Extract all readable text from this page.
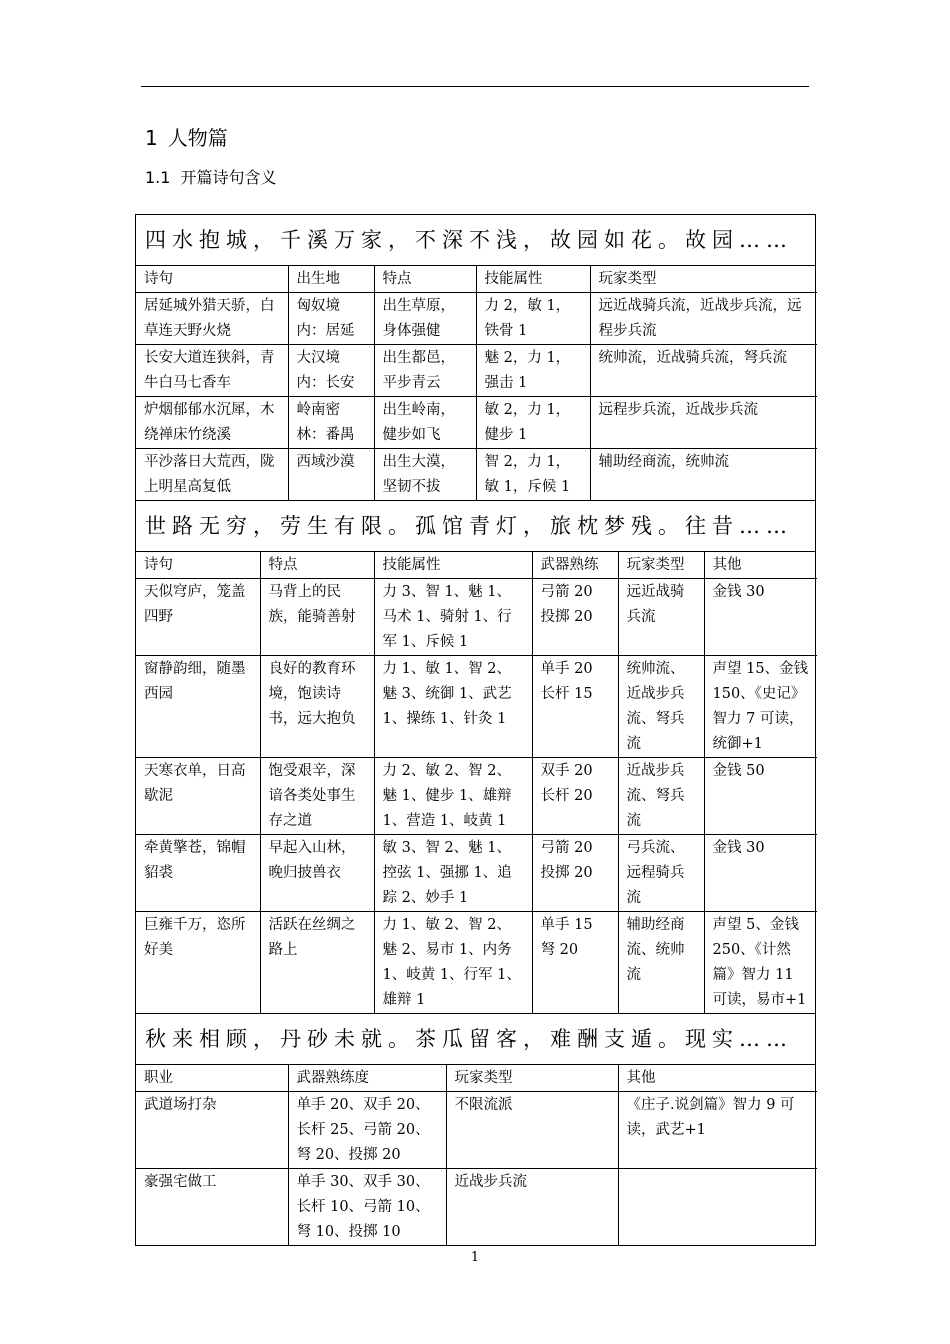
1 人物篇
1.1 开篇诗句含义
四水抱城，千溪万家，不深不浅，故园如花。故园……
诗句	出生地	特点	技能属性	玩家类型
居延城外猎天骄，白草连天野火烧	匈奴境内：居延	出生草原，身体强健	力 2，敏 1，铁骨 1	远近战骑兵流，近战步兵流，远程步兵流
长安大道连狭斜，青牛白马七香车	大汉境内：长安	出生都邑，平步青云	魅 2，力 1，强击 1	统帅流，近战骑兵流，弩兵流
炉烟郁郁水沉犀，木绕禅床竹绕溪	岭南密林：番禺	出生岭南，健步如飞	敏 2，力 1，健步 1	远程步兵流，近战步兵流
平沙落日大荒西，陇上明星高复低	西域沙漠	出生大漠，坚韧不拔	智 2，力 1，敏 1，斥候 1	辅助经商流，统帅流
世路无穷，劳生有限。孤馆青灯，旅枕梦残。往昔……
诗句	特点	技能属性	武器熟练	玩家类型	其他
天似穹庐，笼盖四野	马背上的民族，能骑善射	力 3、智 1、魅 1、马术 1、骑射 1、行军 1、斥候 1	弓箭 20 投掷 20	远近战骑兵流	金钱 30
窗静韵细，随墨西园	良好的教育环境，饱读诗书，远大抱负	力 1、敏 1、智 2、魅 3、统御 1、武艺 1、操练 1、针灸 1	单手 20 长杆 15	统帅流、近战步兵流、弩兵流	声望 15、金钱 150、《史记》智力 7 可读，统御+1
天寒衣单，日高歇泥	饱受艰辛，深谙各类处事生存之道	力 2、敏 2、智 2、魅 1、健步 1、雄辩 1、营造 1、岐黄 1	双手 20 长杆 20	近战步兵流、弩兵流	金钱 50
牵黄擎苍，锦帽貂裘	早起入山林，晚归披兽衣	敏 3、智 2、魅 1、控弦 1、强挪 1、追踪 2、妙手 1	弓箭 20 投掷 20	弓兵流、远程骑兵流	金钱 30
巨雍千万，恣所好美	活跃在丝绸之路上	力 1、敏 2、智 2、魅 2、易市 1、内务 1、岐黄 1、行军 1、雄辩 1	单手 15 弩 20	辅助经商流、统帅流	声望 5、金钱 250、《计然篇》智力 11 可读，易市+1
秋来相顾，丹砂未就。茶瓜留客，难酬支遁。现实……
职业	武器熟练度	玩家类型	其他
武道场打杂	单手 20、双手 20、长杆 25、弓箭 20、弩 20、投掷 20	不限流派	《庄子.说剑篇》智力 9 可读，武艺+1
豪强宅做工	单手 30、双手 30、长杆 10、弓箭 10、弩 10、投掷 10	近战步兵流	
1
